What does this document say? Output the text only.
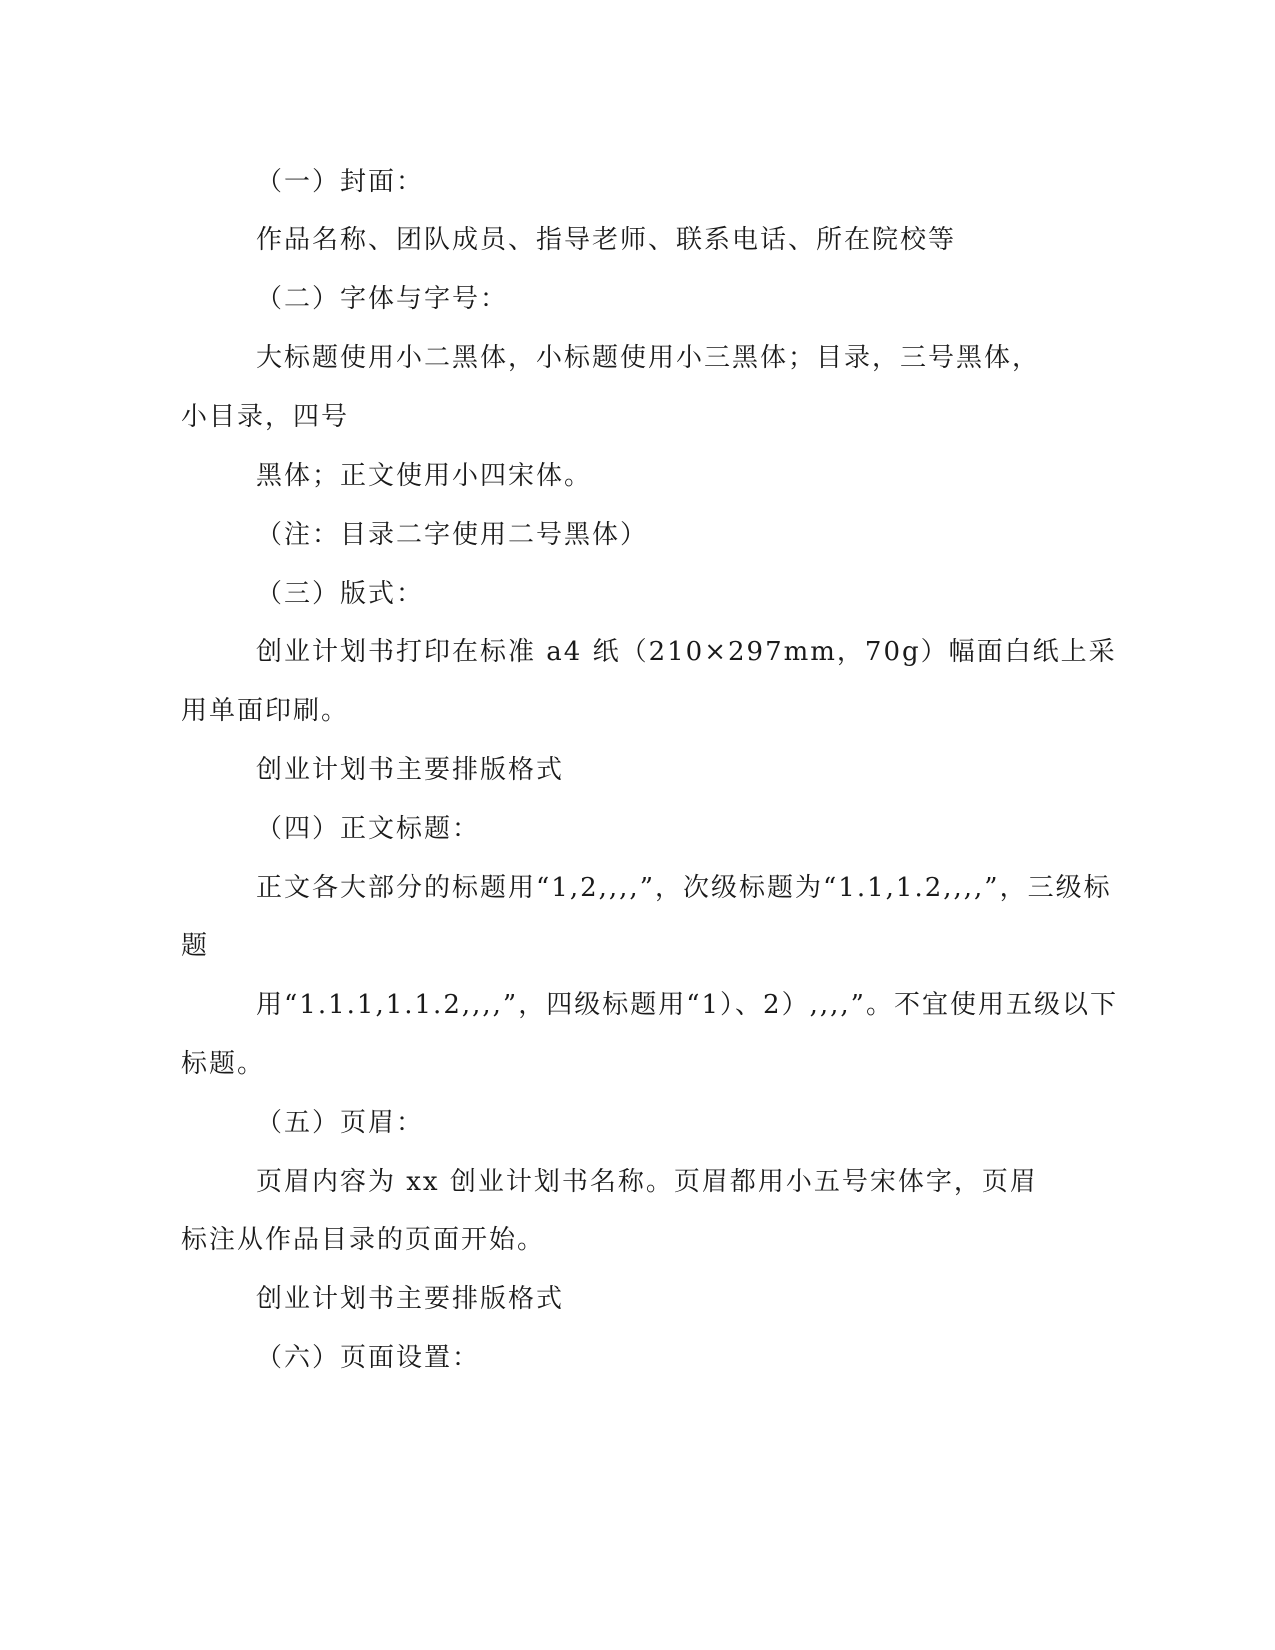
（一）封面：
作品名称、团队成员、指导老师、联系电话、所在院校等
（二）字体与字号：
大标题使用小二黑体，小标题使用小三黑体；目录，三号黑体，
小目录，四号
黑体；正文使用小四宋体。
（注：目录二字使用二号黑体）
（三）版式：
创业计划书打印在标准 a4 纸（210×297mm，70g）幅面白纸上采
用单面印刷。
创业计划书主要排版格式
（四）正文标题：
正文各大部分的标题用“1,2,,,,”，次级标题为“1.1,1.2,,,,”，三级标
题
用“1.1.1,1.1.2,,,,”，四级标题用“1）、2）,,,,”。不宜使用五级以下
标题。
（五）页眉：
页眉内容为 xx 创业计划书名称。页眉都用小五号宋体字，页眉
标注从作品目录的页面开始。
创业计划书主要排版格式
（六）页面设置：
